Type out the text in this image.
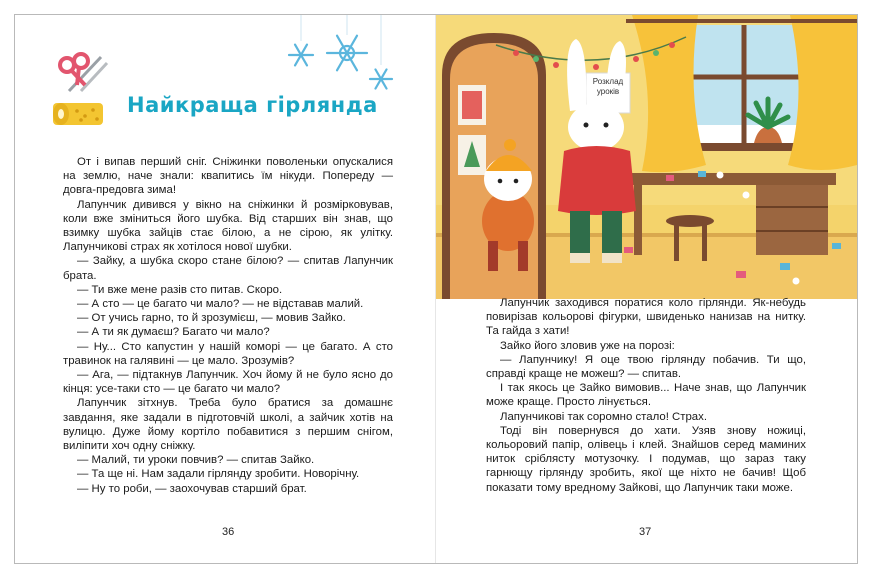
Найкраща гірлянда

От і випав перший сніг. Сніжинки поволеньки опускалися на землю, наче знали: квапитись їм нікуди. Попереду — довга-предовга зима!

Лапунчик дивився у вікно на сніжинки й розмірковував, коли вже зміниться його шубка. Від старших він знав, що взимку шубка зайців стає білою, а не сірою, як улітку. Лапунчикові страх як хотілося нової шубки.

— Зайку, а шубка скоро стане білою? — спитав Лапунчик брата.

— Ти вже мене разів сто питав. Скоро.

— А сто — це багато чи мало? — не відставав малий.

— От учись гарно, то й зрозумієш, — мовив Зайко.

— А ти як думаєш? Багато чи мало?

— Ну... Сто капустин у нашій коморі — це багато. А сто травинок на галявині — це мало. Зрозумів?

— Ага, — підтакнув Лапунчик. Хоч йому й не було ясно до кінця: усе-таки сто — це багато чи мало?

Лапунчик зітхнув. Треба було братися за домашнє завдання, яке задали в підготовчій школі, а зайчик хотів на вулицю. Дуже йому кортіло побавитися з першим снігом, виліпити хоч одну сніжку.

— Малий, ти уроки повчив? — спитав Зайко.

— Та ще ні. Нам задали гірлянду зробити. Новорічну.

— Ну то роби, — заохочував старший брат.

36
Розклад уроків

Лапунчик заходився поратися коло гірлянди. Як-небудь повирізав кольорові фігурки, швиденько нанизав на нитку. Та гайда з хати!

Зайко його зловив уже на порозі:

— Лапунчику! Я оце твою гірлянду побачив. Ти що, справді краще не можеш? — спитав.

І так якось це Зайко вимовив... Наче знав, що Лапунчик може краще. Просто лінується.

Лапунчикові так соромно стало! Страх.

Тоді він повернувся до хати. Узяв знову ножиці, кольоровий папір, олівець і клей. Знайшов серед маминих ниток сріблясту мотузочку. І подумав, що зараз таку гарнющу гірлянду зробить, якої ще ніхто не бачив! Щоб показати тому вредному Зайкові, що Лапунчик таки може.

37
